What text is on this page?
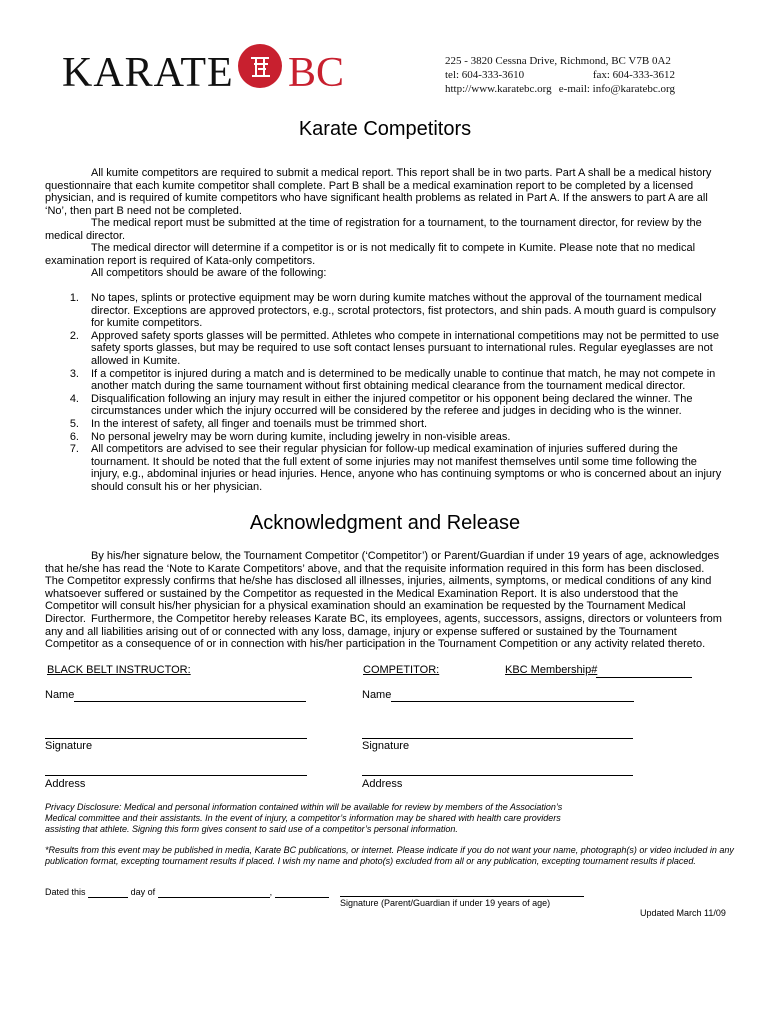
KARATE BC	225 - 3820 Cessna Drive, Richmond, BC V7B 0A2
tel: 604-333-3610	fax: 604-333-3612
http://www.karatebc.org e-mail: info@karatebc.org
Karate Competitors
All kumite competitors are required to submit a medical report. This report shall be in two parts. Part A shall be a medical history questionnaire that each kumite competitor shall complete. Part B shall be a medical examination report to be completed by a licensed physician, and is required of kumite competitors who have significant health problems as related in Part A. If the answers to part A are all ‘No’, then part B need not be completed.
The medical report must be submitted at the time of registration for a tournament, to the tournament director, for review by the medical director.
The medical director will determine if a competitor is or is not medically fit to compete in Kumite. Please note that no medical examination report is required of Kata-only competitors.
All competitors should be aware of the following:
1. No tapes, splints or protective equipment may be worn during kumite matches without the approval of the tournament medical director. Exceptions are approved protectors, e.g., scrotal protectors, fist protectors, and shin pads. A mouth guard is compulsory for kumite competitors.
2. Approved safety sports glasses will be permitted. Athletes who compete in international competitions may not be permitted to use safety sports glasses, but may be required to use soft contact lenses pursuant to international rules. Regular eyeglasses are not allowed in Kumite.
3. If a competitor is injured during a match and is determined to be medically unable to continue that match, he may not compete in another match during the same tournament without first obtaining medical clearance from the tournament medical director.
4. Disqualification following an injury may result in either the injured competitor or his opponent being declared the winner. The circumstances under which the injury occurred will be considered by the referee and judges in deciding who is the winner.
5. In the interest of safety, all finger and toenails must be trimmed short.
6. No personal jewelry may be worn during kumite, including jewelry in non-visible areas.
7. All competitors are advised to see their regular physician for follow-up medical examination of injuries suffered during the tournament. It should be noted that the full extent of some injuries may not manifest themselves until some time following the injury, e.g., abdominal injuries or head injuries. Hence, anyone who has continuing symptoms or who is concerned about an injury should consult his or her physician.
Acknowledgment and Release
By his/her signature below, the Tournament Competitor (‘Competitor’) or Parent/Guardian if under 19 years of age, acknowledges that he/she has read the ‘Note to Karate Competitors’ above, and that the requisite information required in this form has been disclosed. The Competitor expressly confirms that he/she has disclosed all illnesses, injuries, ailments, symptoms, or medical conditions of any kind whatsoever suffered or sustained by the Competitor as requested in the Medical Examination Report. It is also understood that the Competitor will consult his/her physician for a physical examination should an examination be requested by the Tournament Medical Director. Furthermore, the Competitor hereby releases Karate BC, its employees, agents, successors, assigns, directors or volunteers from any and all liabilities arising out of or connected with any loss, damage, injury or expense suffered or sustained by the Tournament Competitor as a consequence of or in connection with his/her participation in the Tournament Competition or any activity related thereto.
BLACK BELT INSTRUCTOR:	COMPETITOR:	KBC Membership#
Name	Name
Signature	Signature
Address	Address
Privacy Disclosure: Medical and personal information contained within will be available for review by members of the Association’s Medical committee and their assistants. In the event of injury, a competitor’s information may be shared with health care providers assisting that athlete. Signing this form gives consent to said use of a competitor’s personal information.
*Results from this event may be published in media, Karate BC publications, or internet. Please indicate if you do not want your name, photograph(s) or video included in any publication format, excepting tournament results if placed. I wish my name and photo(s) excluded from all or any publication, excepting tournament results if placed.
Dated this	day of	,
Signature (Parent/Guardian if under 19 years of age)
Updated March 11/09
